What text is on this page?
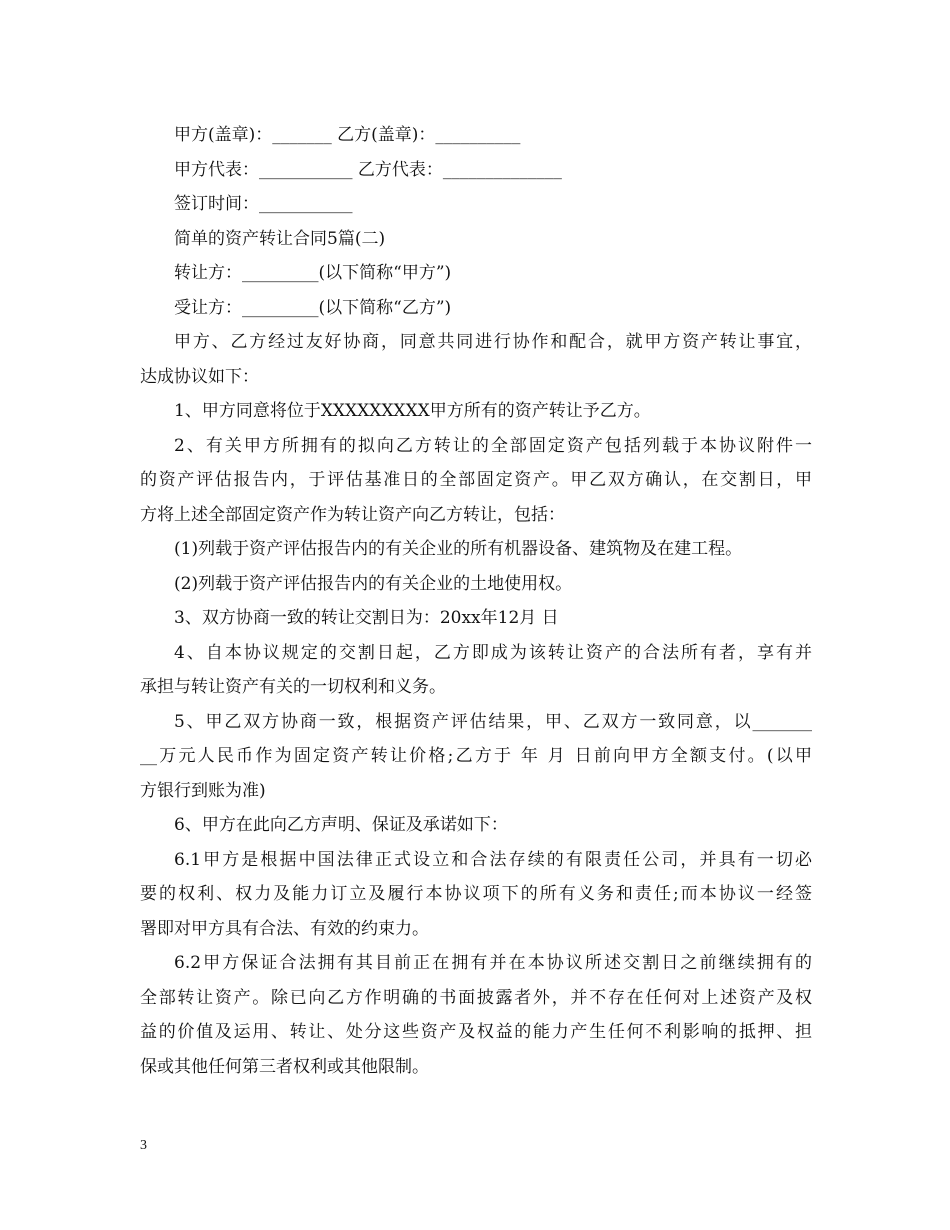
甲方(盖章)：_______ 乙方(盖章)：__________

甲方代表：___________ 乙方代表：______________

签订时间：___________

简单的资产转让合同5篇(二)

转让方：_________(以下简称“甲方”)

受让方：_________(以下简称“乙方”)

甲方、乙方经过友好协商，同意共同进行协作和配合，就甲方资产转让事宜，

达成协议如下：

1、甲方同意将位于XXXXXXXXX甲方所有的资产转让予乙方。

2、有关甲方所拥有的拟向乙方转让的全部固定资产包括列载于本协议附件一

的资产评估报告内，于评估基准日的全部固定资产。甲乙双方确认，在交割日，甲

方将上述全部固定资产作为转让资产向乙方转让，包括：

(1)列载于资产评估报告内的有关企业的所有机器设备、建筑物及在建工程。

(2)列载于资产评估报告内的有关企业的土地使用权。

3、双方协商一致的转让交割日为：20xx年12月 日

4、自本协议规定的交割日起，乙方即成为该转让资产的合法所有者，享有并

承担与转让资产有关的一切权利和义务。

5、甲乙双方协商一致，根据资产评估结果，甲、乙双方一致同意，以_______

__万元人民币作为固定资产转让价格;乙方于 年 月 日前向甲方全额支付。(以甲

方银行到账为准)

6、甲方在此向乙方声明、保证及承诺如下：

6.1甲方是根据中国法律正式设立和合法存续的有限责任公司，并具有一切必

要的权利、权力及能力订立及履行本协议项下的所有义务和责任;而本协议一经签

署即对甲方具有合法、有效的约束力。

6.2甲方保证合法拥有其目前正在拥有并在本协议所述交割日之前继续拥有的

全部转让资产。除已向乙方作明确的书面披露者外，并不存在任何对上述资产及权

益的价值及运用、转让、处分这些资产及权益的能力产生任何不利影响的抵押、担

保或其他任何第三者权利或其他限制。

3
